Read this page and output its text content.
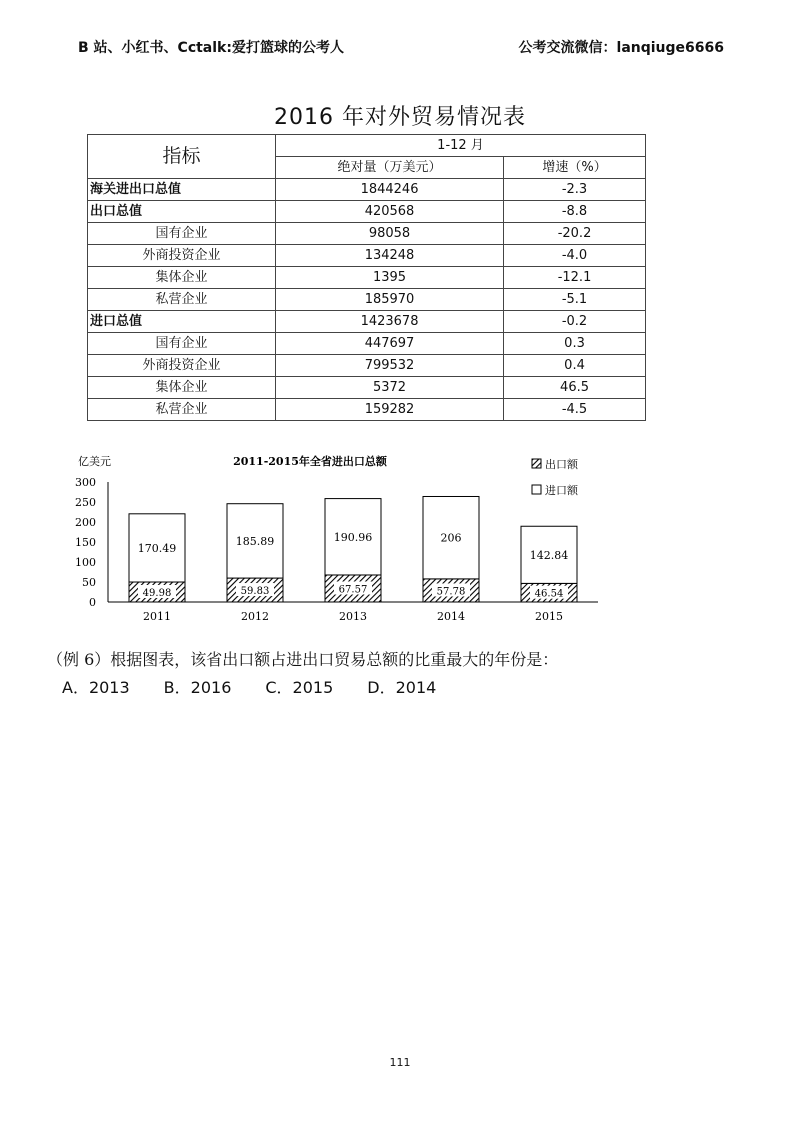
B 站、小红书、Cctalk:爱打篮球的公考人	公考交流微信：lanqiuge6666
2016 年对外贸易情况表
指标	1-12 月	
	绝对量（万美元）	增速（%）
海关进出口总值	1844246	-2.3
出口总值	420568	-8.8
国有企业	98058	-20.2
外商投资企业	134248	-4.0
集体企业	1395	-12.1
私营企业	185970	-5.1
进口总值	1423678	-0.2
国有企业	447697	0.3
外商投资企业	799532	0.4
集体企业	5372	46.5
私营企业	159282	-4.5
2011-2015年全省进出口总额
亿美元
0
50
100
150
200
250
300
49.98
170.49
2011
59.83
185.89
2012
67.57
190.96
2013
57.78
206
2014
46.54
142.84
2015
出口额
进口额
（例 6）根据图表，该省出口额占进出口贸易总额的比重最大的年份是：
A．2013 B．2016 C．2015 D．2014
111
